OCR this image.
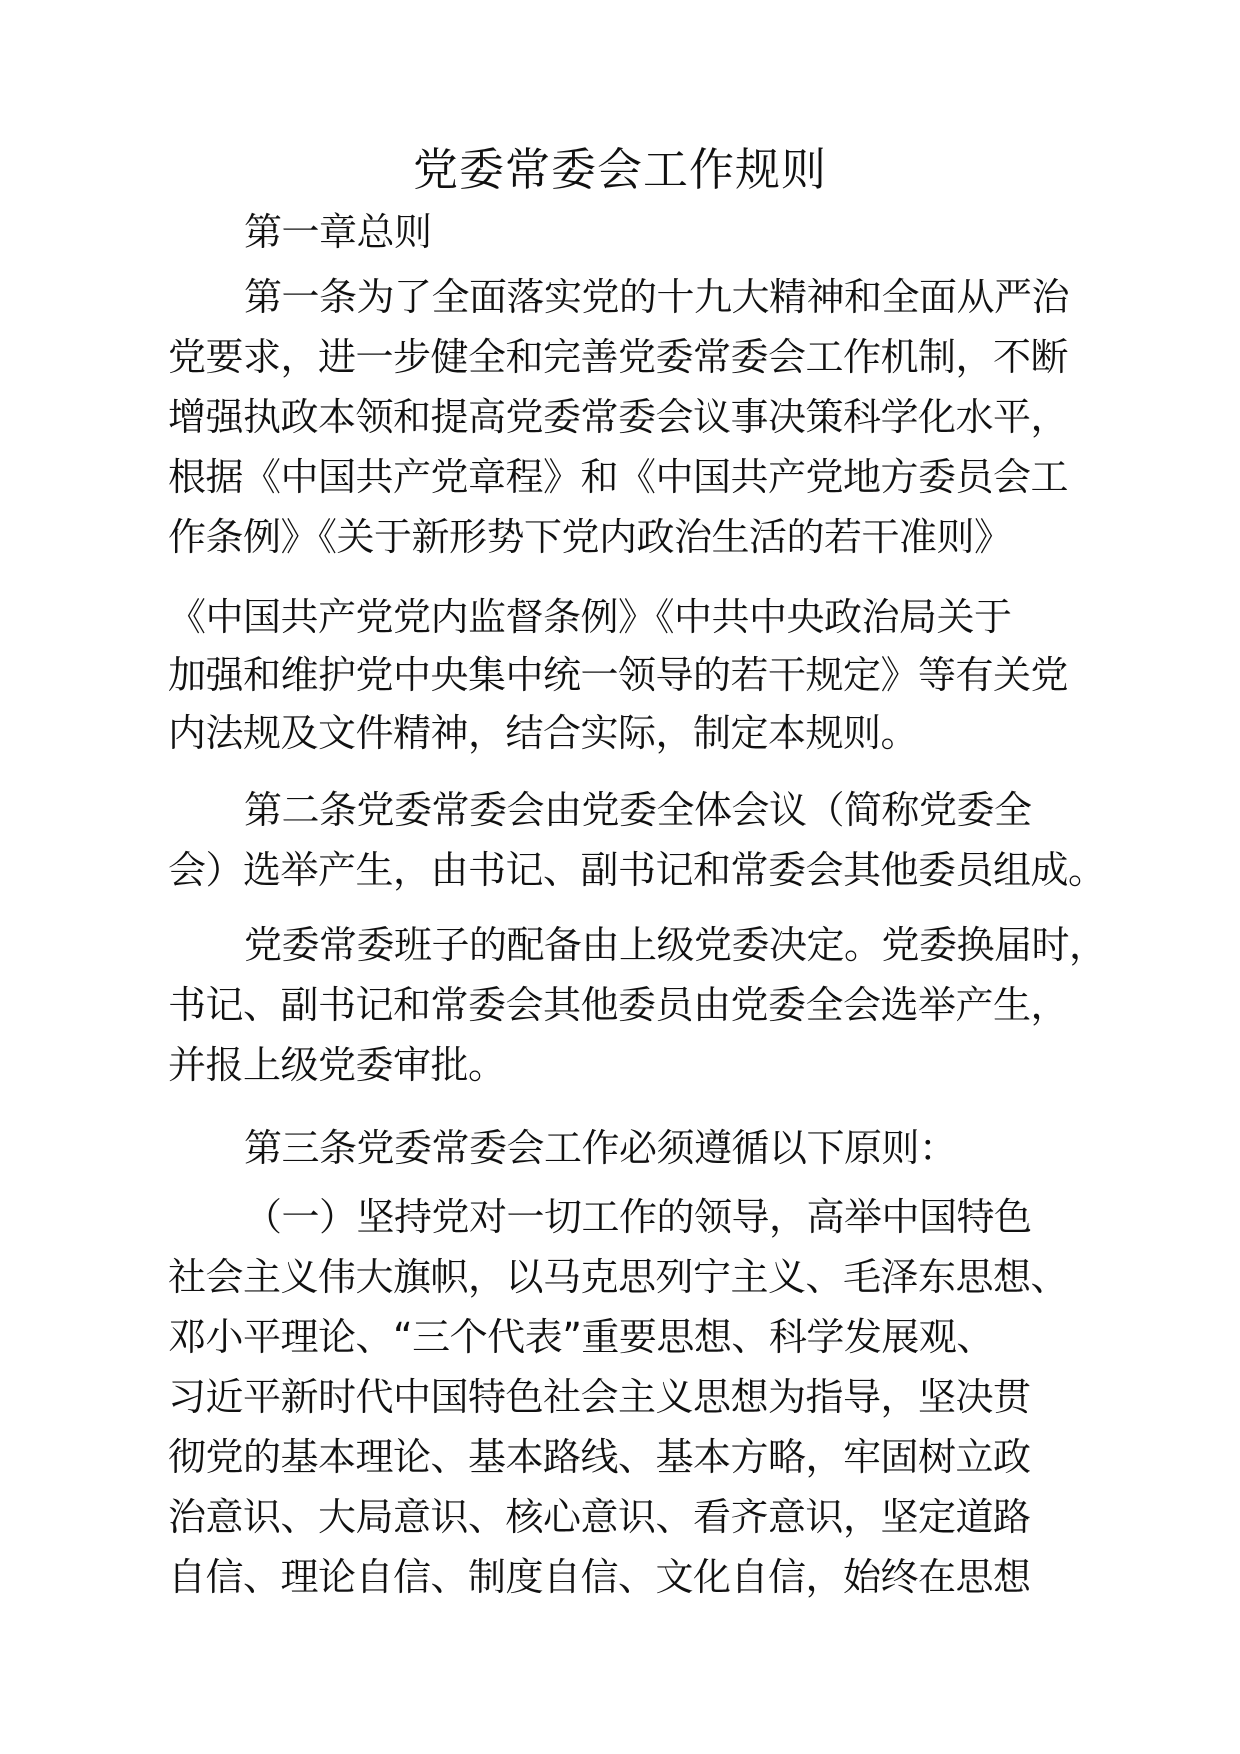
党委常委会工作规则
第一章总则
第一条为了全面落实党的十九大精神和全面从严治
党要求，进一步健全和完善党委常委会工作机制，不断
增强执政本领和提高党委常委会议事决策科学化水平，
根据《中国共产党章程》和《中国共产党地方委员会工
作条例》《关于新形势下党内政治生活的若干准则》
《中国共产党党内监督条例》《中共中央政治局关于
加强和维护党中央集中统一领导的若干规定》等有关党
内法规及文件精神，结合实际，制定本规则。
第二条党委常委会由党委全体会议（简称党委全
会）选举产生，由书记、副书记和常委会其他委员组成。
党委常委班子的配备由上级党委决定。党委换届时，
书记、副书记和常委会其他委员由党委全会选举产生，
并报上级党委审批。
第三条党委常委会工作必须遵循以下原则：
（一）坚持党对一切工作的领导，高举中国特色
社会主义伟大旗帜，以马克思列宁主义、毛泽东思想、
邓小平理论、“三个代表”重要思想、科学发展观、
习近平新时代中国特色社会主义思想为指导，坚决贯
彻党的基本理论、基本路线、基本方略，牢固树立政
治意识、大局意识、核心意识、看齐意识，坚定道路
自信、理论自信、制度自信、文化自信，始终在思想
